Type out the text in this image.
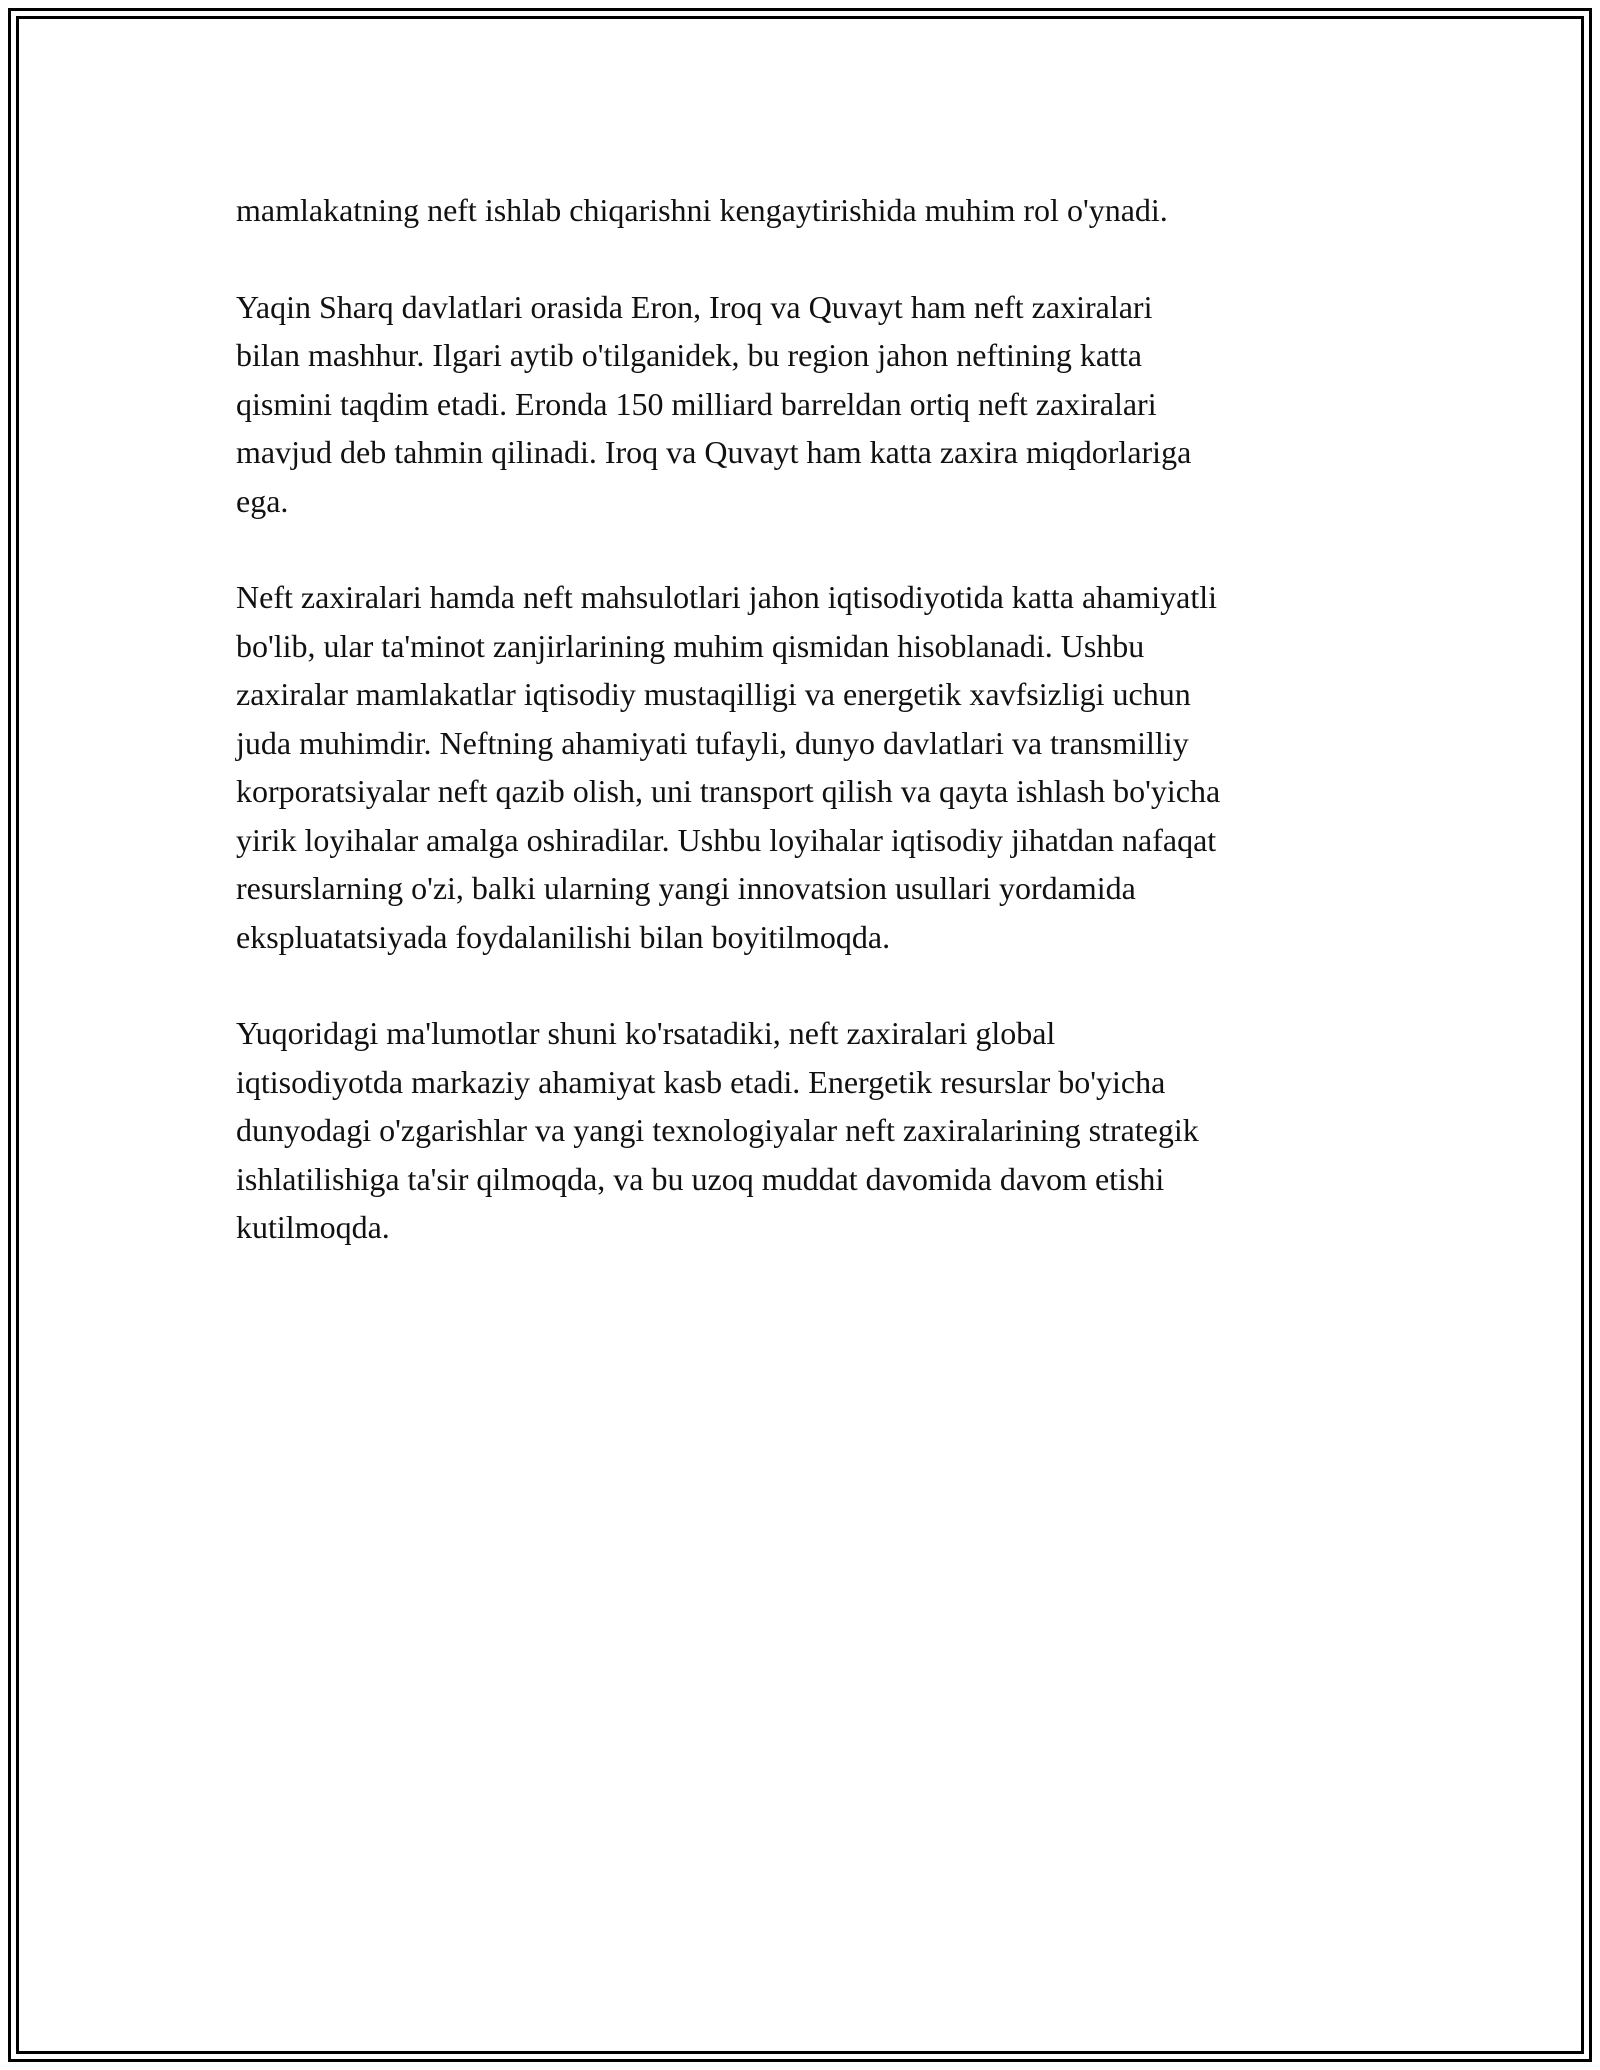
mamlakatning neft ishlab chiqarishni kengaytirishida muhim rol o'ynadi.

Yaqin Sharq davlatlari orasida Eron, Iroq va Quvayt ham neft zaxiralari
bilan mashhur. Ilgari aytib o'tilganidek, bu region jahon neftining katta
qismini taqdim etadi. Eronda 150 milliard barreldan ortiq neft zaxiralari
mavjud deb tahmin qilinadi. Iroq va Quvayt ham katta zaxira miqdorlariga
ega.

Neft zaxiralari hamda neft mahsulotlari jahon iqtisodiyotida katta ahamiyatli
bo'lib, ular ta'minot zanjirlarining muhim qismidan hisoblanadi. Ushbu
zaxiralar mamlakatlar iqtisodiy mustaqilligi va energetik xavfsizligi uchun
juda muhimdir. Neftning ahamiyati tufayli, dunyo davlatlari va transmilliy
korporatsiyalar neft qazib olish, uni transport qilish va qayta ishlash bo'yicha
yirik loyihalar amalga oshiradilar. Ushbu loyihalar iqtisodiy jihatdan nafaqat
resurslarning o'zi, balki ularning yangi innovatsion usullari yordamida
ekspluatatsiyada foydalanilishi bilan boyitilmoqda.

Yuqoridagi ma'lumotlar shuni ko'rsatadiki, neft zaxiralari global
iqtisodiyotda markaziy ahamiyat kasb etadi. Energetik resurslar bo'yicha
dunyodagi o'zgarishlar va yangi texnologiyalar neft zaxiralarining strategik
ishlatilishiga ta'sir qilmoqda, va bu uzoq muddat davomida davom etishi
kutilmoqda.
